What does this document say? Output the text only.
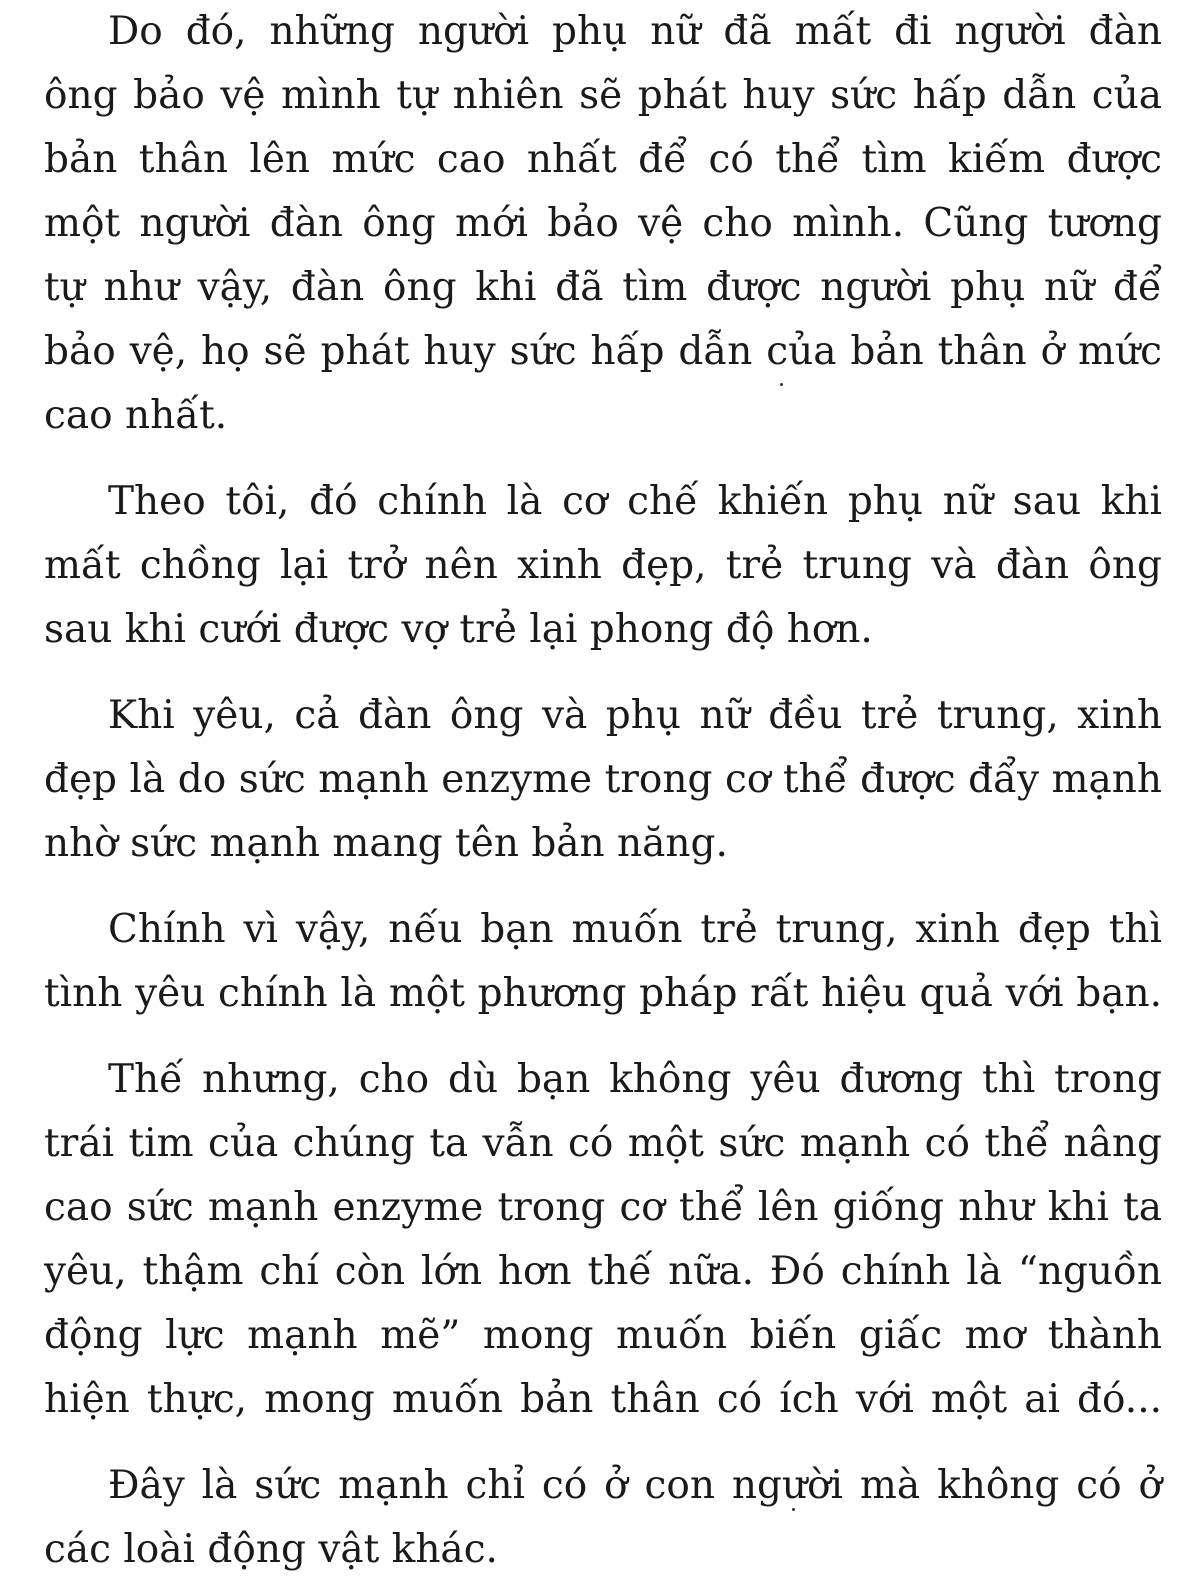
Do đó, những người phụ nữ đã mất đi người đàn
ông bảo vệ mình tự nhiên sẽ phát huy sức hấp dẫn của
bản thân lên mức cao nhất để có thể tìm kiếm được
một người đàn ông mới bảo vệ cho mình. Cũng tương
tự như vậy, đàn ông khi đã tìm được người phụ nữ để
bảo vệ, họ sẽ phát huy sức hấp dẫn của bản thân ở mức
cao nhất.
Theo tôi, đó chính là cơ chế khiến phụ nữ sau khi
mất chồng lại trở nên xinh đẹp, trẻ trung và đàn ông
sau khi cưới được vợ trẻ lại phong độ hơn.
Khi yêu, cả đàn ông và phụ nữ đều trẻ trung, xinh
đẹp là do sức mạnh enzyme trong cơ thể được đẩy mạnh
nhờ sức mạnh mang tên bản năng.
Chính vì vậy, nếu bạn muốn trẻ trung, xinh đẹp thì
tình yêu chính là một phương pháp rất hiệu quả với bạn.
Thế nhưng, cho dù bạn không yêu đương thì trong
trái tim của chúng ta vẫn có một sức mạnh có thể nâng
cao sức mạnh enzyme trong cơ thể lên giống như khi ta
yêu, thậm chí còn lớn hơn thế nữa. Đó chính là “nguồn
động lực mạnh mẽ” mong muốn biến giấc mơ thành
hiện thực, mong muốn bản thân có ích với một ai đó...
Đây là sức mạnh chỉ có ở con người mà không có ở
các loài động vật khác.
